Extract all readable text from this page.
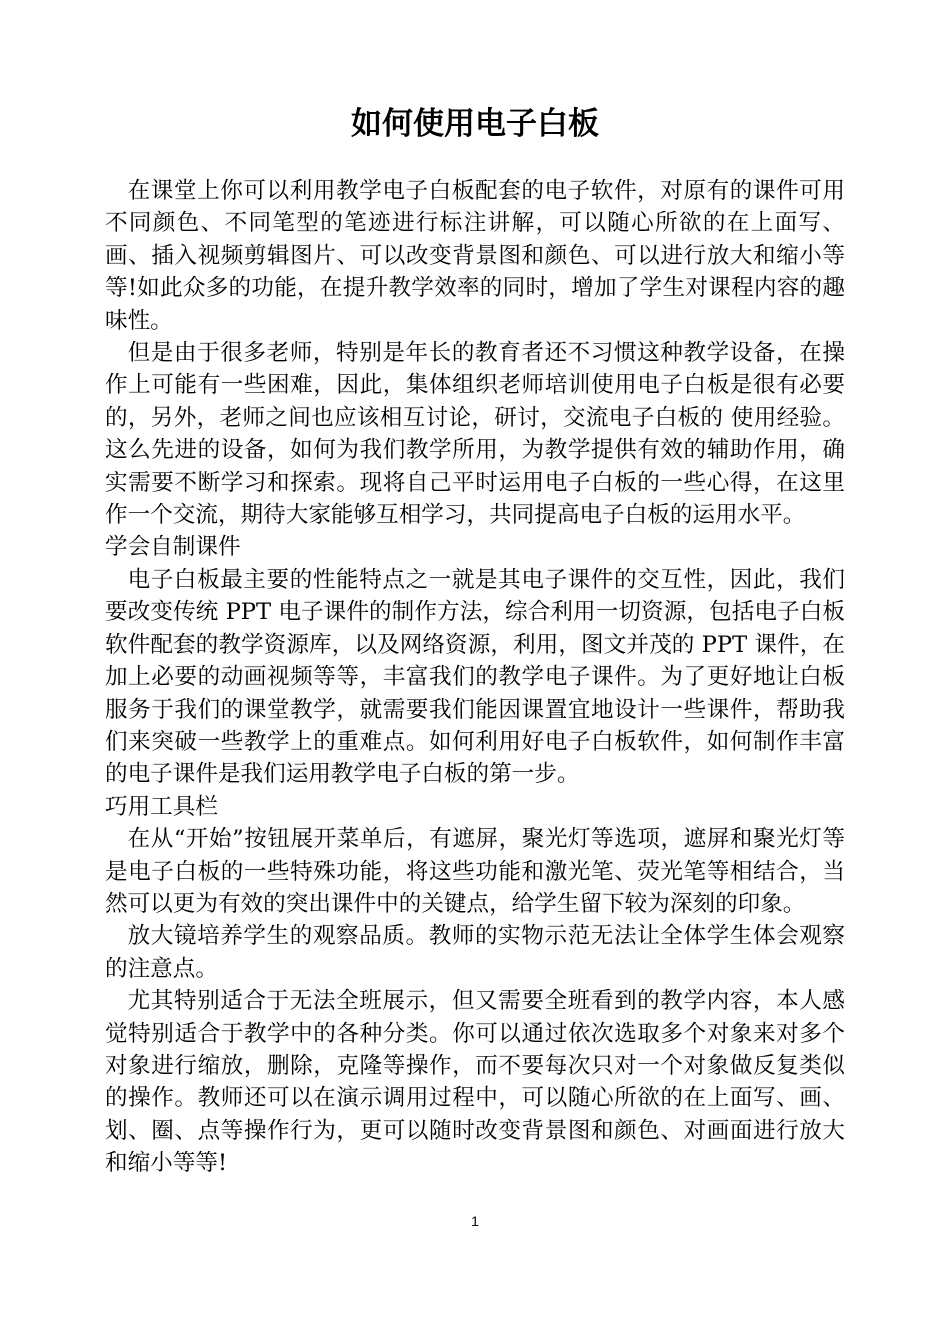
如何使用电子白板

在课堂上你可以利用教学电子白板配套的电子软件，对原有的课件可用不同颜色、不同笔型的笔迹进行标注讲解，可以随心所欲的在上面写、画、插入视频剪辑图片、可以改变背景图和颜色、可以进行放大和缩小等等!如此众多的功能，在提升教学效率的同时，增加了学生对课程内容的趣味性。

但是由于很多老师，特别是年长的教育者还不习惯这种教学设备，在操作上可能有一些困难，因此，集体组织老师培训使用电子白板是很有必要的，另外，老师之间也应该相互讨论，研讨，交流电子白板的 使用经验。这么先进的设备，如何为我们教学所用，为教学提供有效的辅助作用，确实需要不断学习和探索。现将自己平时运用电子白板的一些心得，在这里作一个交流，期待大家能够互相学习，共同提高电子白板的运用水平。

学会自制课件

电子白板最主要的性能特点之一就是其电子课件的交互性，因此，我们要改变传统 PPT 电子课件的制作方法，综合利用一切资源，包括电子白板软件配套的教学资源库，以及网络资源，利用，图文并茂的 PPT 课件，在加上必要的动画视频等等，丰富我们的教学电子课件。为了更好地让白板服务于我们的课堂教学，就需要我们能因课置宜地设计一些课件，帮助我们来突破一些教学上的重难点。如何利用好电子白板软件，如何制作丰富的电子课件是我们运用教学电子白板的第一步。

巧用工具栏

在从“开始”按钮展开菜单后，有遮屏，聚光灯等选项，遮屏和聚光灯等是电子白板的一些特殊功能，将这些功能和激光笔、荧光笔等相结合，当然可以更为有效的突出课件中的关键点，给学生留下较为深刻的印象。

放大镜培养学生的观察品质。教师的实物示范无法让全体学生体会观察的注意点。

尤其特别适合于无法全班展示，但又需要全班看到的教学内容，本人感觉特别适合于教学中的各种分类。你可以通过依次选取多个对象来对多个对象进行缩放，删除，克隆等操作，而不要每次只对一个对象做反复类似的操作。教师还可以在演示调用过程中，可以随心所欲的在上面写、画、划、圈、点等操作行为，更可以随时改变背景图和颜色、对画面进行放大和缩小等等!

1
